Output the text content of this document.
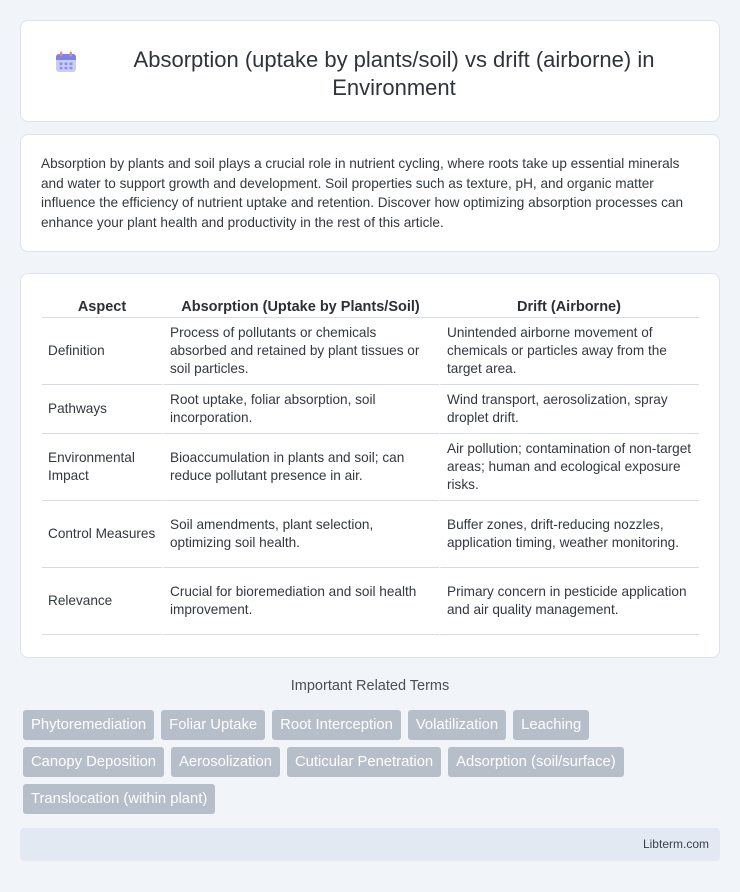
Absorption (uptake by plants/soil) vs drift (airborne) in Environment

Absorption by plants and soil plays a crucial role in nutrient cycling, where roots take up essential minerals and water to support growth and development. Soil properties such as texture, pH, and organic matter influence the efficiency of nutrient uptake and retention. Discover how optimizing absorption processes can enhance your plant health and productivity in the rest of this article.

Aspect	Absorption (Uptake by Plants/Soil)	Drift (Airborne)
Definition	Process of pollutants or chemicals absorbed and retained by plant tissues or soil particles.	Unintended airborne movement of chemicals or particles away from the target area.
Pathways	Root uptake, foliar absorption, soil incorporation.	Wind transport, aerosolization, spray droplet drift.
Environmental Impact	Bioaccumulation in plants and soil; can reduce pollutant presence in air.	Air pollution; contamination of non-target areas; human and ecological exposure risks.
Control Measures	Soil amendments, plant selection, optimizing soil health.	Buffer zones, drift-reducing nozzles, application timing, weather monitoring.
Relevance	Crucial for bioremediation and soil health improvement.	Primary concern in pesticide application and air quality management.
Important Related Terms
Phytoremediation	Foliar Uptake	Root Interception	Volatilization	Leaching
Canopy Deposition	Aerosolization	Cuticular Penetration	Adsorption (soil/surface)
Translocation (within plant)
Libterm.com
